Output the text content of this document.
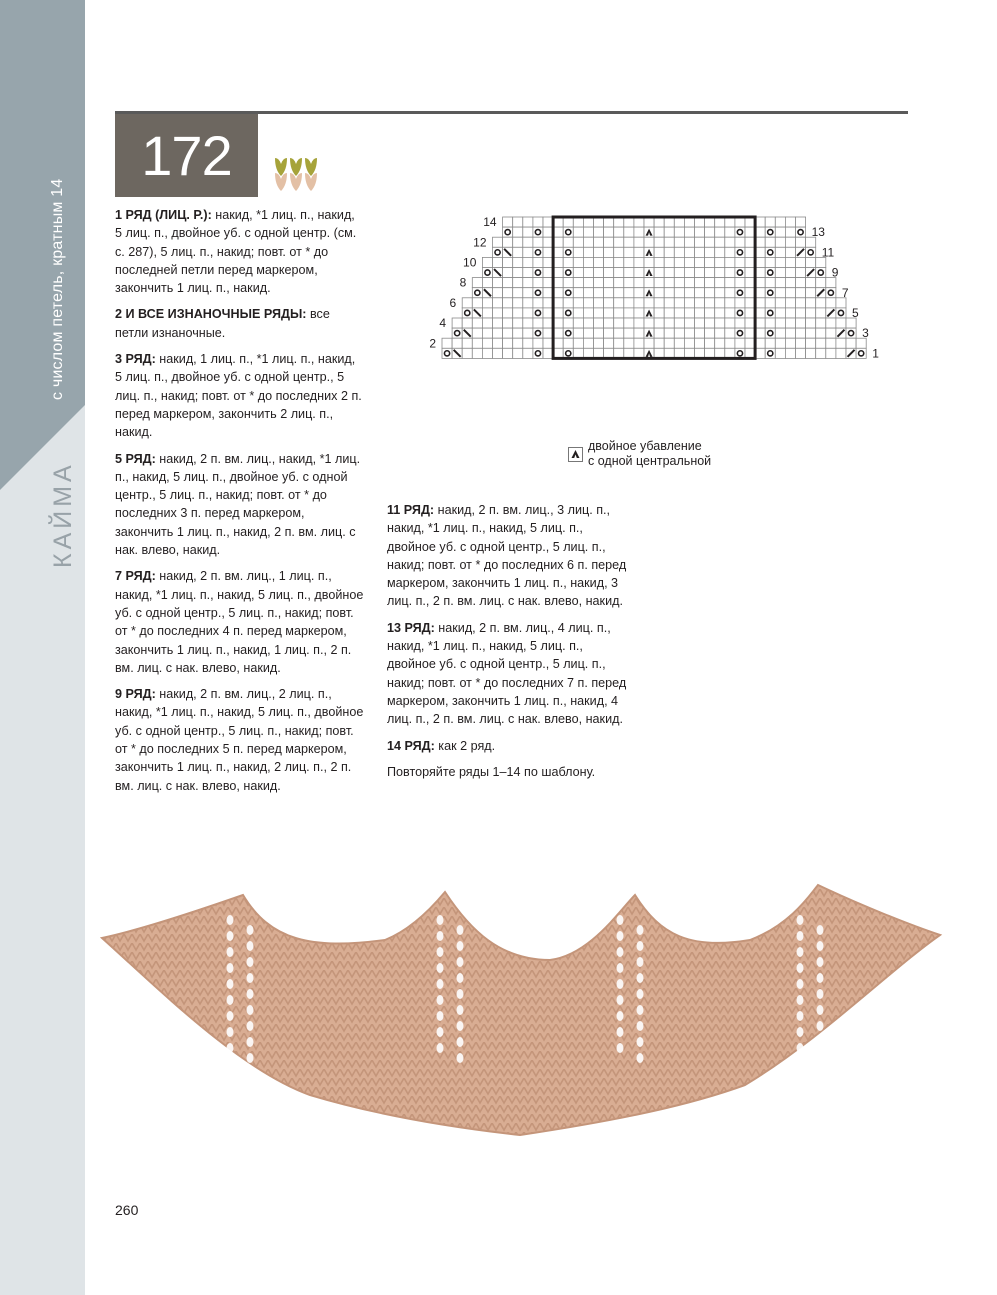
с числом петель, кратным 14
КАЙМА
172

1 РЯД (ЛИЦ. Р.): накид, *1 лиц. п., накид, 5 лиц. п., двойное уб. с одной центр. (см. с. 287), 5 лиц. п., накид; повт. от * до последней петли перед маркером, закончить 1 лиц. п., накид.

2 И ВСЕ ИЗНАНОЧНЫЕ РЯДЫ: все петли изнаночные.

3 РЯД: накид, 1 лиц. п., *1 лиц. п., накид, 5 лиц. п., двойное уб. с одной центр., 5 лиц. п., накид; повт. от * до последних 2 п. перед маркером, закончить 2 лиц. п., накид.

5 РЯД: накид, 2 п. вм. лиц., накид, *1 лиц. п., накид, 5 лиц. п., двойное уб. с одной центр., 5 лиц. п., накид; повт. от * до последних 3 п. перед маркером, закончить 1 лиц. п., накид, 2 п. вм. лиц. с нак. влево, накид.

7 РЯД: накид, 2 п. вм. лиц., 1 лиц. п., накид, *1 лиц. п., накид, 5 лиц. п., двойное уб. с одной центр., 5 лиц. п., накид; повт. от * до последних 4 п. перед маркером, закончить 1 лиц. п., накид, 1 лиц. п., 2 п. вм. лиц. с нак. влево, накид.

9 РЯД: накид, 2 п. вм. лиц., 2 лиц. п., накид, *1 лиц. п., накид, 5 лиц. п., двойное уб. с одной центр., 5 лиц. п., накид; повт. от * до последних 5 п. перед маркером, закончить 1 лиц. п., накид, 2 лиц. п., 2 п. вм. лиц. с нак. влево, накид.

14
12
10
8
6
4
2
13
11
9
7
5
3
1
двойное убавление
с одной центральной

11 РЯД: накид, 2 п. вм. лиц., 3 лиц. п., накид, *1 лиц. п., накид, 5 лиц. п., двойное уб. с одной центр., 5 лиц. п., накид; повт. от * до последних 6 п. перед маркером, закончить 1 лиц. п., накид, 3 лиц. п., 2 п. вм. лиц. с нак. влево, накид.

13 РЯД: накид, 2 п. вм. лиц., 4 лиц. п., накид, *1 лиц. п., накид, 5 лиц. п., двойное уб. с одной центр., 5 лиц. п., накид; повт. от * до последних 7 п. перед маркером, закончить 1 лиц. п., накид, 4 лиц. п., 2 п. вм. лиц. с нак. влево, накид.

14 РЯД: как 2 ряд.

Повторяйте ряды 1–14 по шаблону.

260
